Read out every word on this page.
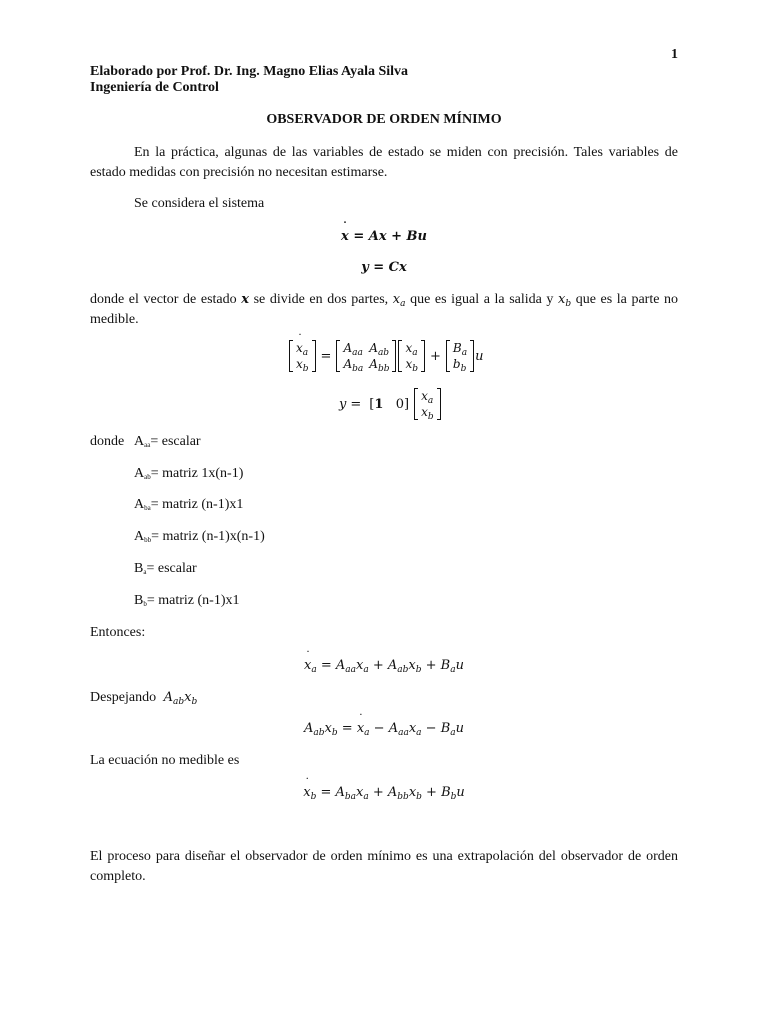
1
Elaborado por Prof. Dr. Ing. Magno Elias Ayala Silva
Ingeniería de Control
OBSERVADOR DE ORDEN MÍNIMO
En la práctica, algunas de las variables de estado se miden con precisión. Tales variables de estado medidas con precisión no necesitan estimarse.
Se considera el sistema
x ˙ = Ax + Bu
y = Cx
donde el vector de estado x se divide en dos partes, $x_a$ que es igual a la salida y $x_b$ que es la parte no medible.
x $˙_a$
x $˙_b$
=
$A_{aa}$	$A_{ab}$
$A_{ba}$	$A_{bb}$
$x_a$
$x_b$
+
$B_a$
$b_b$
u
y = [1   0]
$x_a$
$x_b$
donde $A_{aa}=$ escalar
$A_{ab}=$ matriz 1x(n-1)
$A_{ba}=$ matriz (n-1)x1
$A_{bb}=$ matriz (n-1)x(n-1)
$B_a=$ escalar
$B_b=$ matriz (n-1)x1
Entonces:
x $˙_a = A_{aa}x_a + A_{ab}x_b + B_au$
Despejando $A_{ab}x_b$
$A_{ab}x_b = x$ $˙_a - A_{aa}x_a - B_au$
La ecuación no medible es
x $˙_b = A_{ba}x_a + A_{bb}x_b + B_bu$
El proceso para diseñar el observador de orden mínimo es una extrapolación del observador de orden completo.
